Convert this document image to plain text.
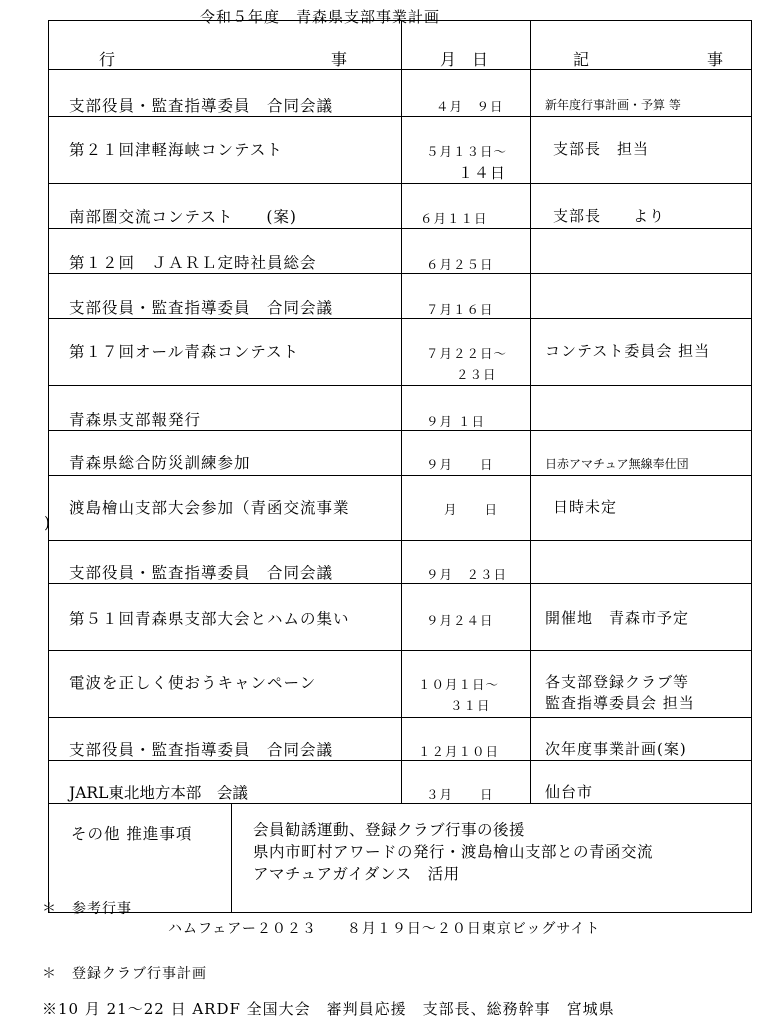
令和５年度　青森県支部事業計画
行 事	月　日	記 事

支部役員・監査指導委員　合同会議	４月　９日	新年度行事計画・予算 等

第２１回津軽海峡コンテスト	５月１３日～
１４日	支部長　担当

南部圏交流コンテスト　　(案)	６月１１日	支部長　　より

第１２回　ＪＡＲＬ定時社員総会	６月２５日	

支部役員・監査指導委員　合同会議	７月１６日	

第１７回オール青森コンテスト	７月２２日～
２３日	コンテスト委員会 担当

青森県支部報発行	９月 １日	

青森県総合防災訓練参加	９月　　日	日赤アマチュア無線奉仕団

渡島檜山支部大会参加（青函交流事業
)	月　　日	日時未定

支部役員・監査指導委員　合同会議	９月　２３日	

第５１回青森県支部大会とハムの集い	９月２４日	開催地　青森市予定

電波を正しく使おうキャンペーン	１０月１日～
３１日	各支部登録クラブ等
監査指導委員会 担当

支部役員・監査指導委員　合同会議	１２月１０日	次年度事業計画(案)

JARL東北地方本部　会議	３月　　日	仙台市

その他 推進事項 会員勧誘運動、登録クラブ行事の後援
県内市町村アワードの発行・渡島檜山支部との青函交流
アマチュアガイダンス　活用		
＊　参考行事
ハムフェアー２０２３　　８月１９日～２０日東京ビッグサイト
＊　登録クラブ行事計画
※10 月 21～22 日 ARDF 全国大会　審判員応援　支部長、総務幹事　宮城県
